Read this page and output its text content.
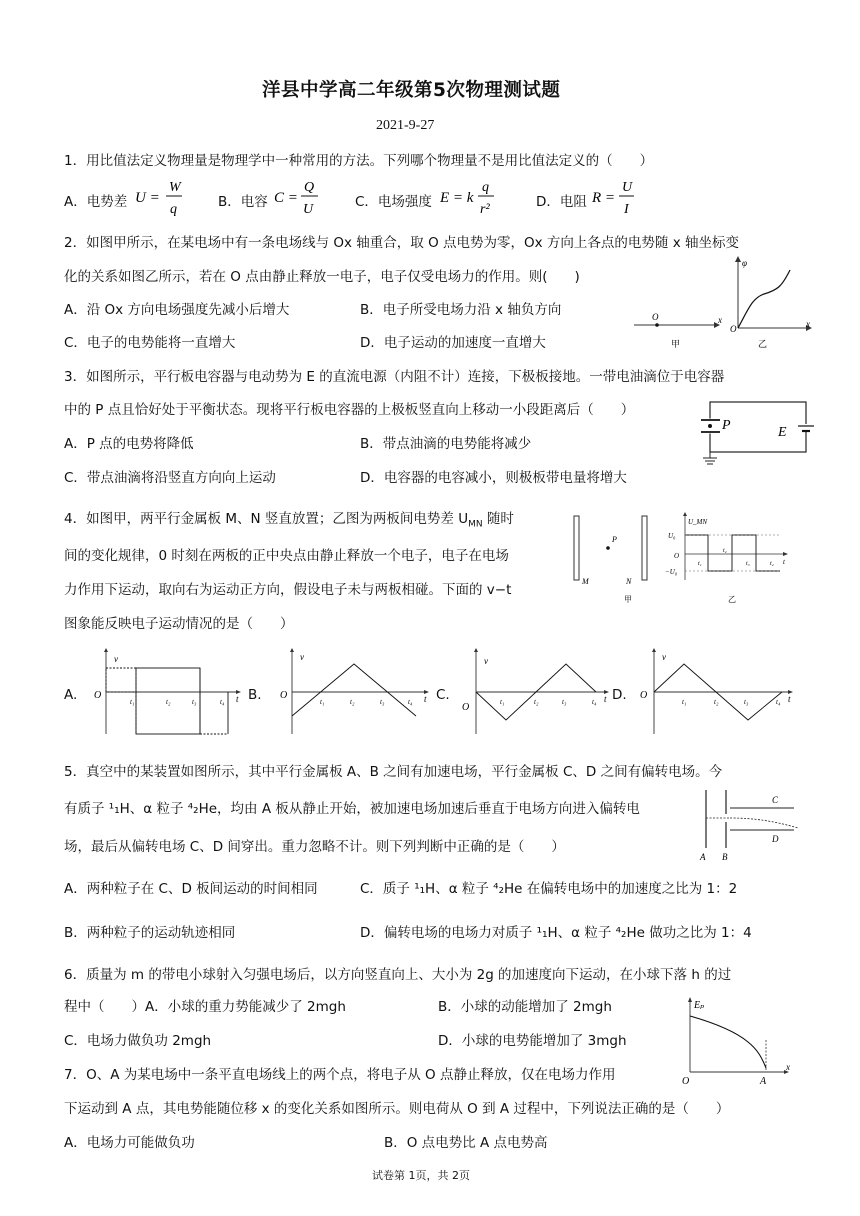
洋县中学高二年级第5次物理测试题
2021-9-27
1．用比值法定义物理量是物理学中一种常用的方法。下列哪个物理量不是用比值法定义的（　　）
A．电势差 U =
W
q	B．电容 C =
Q
U	C．电场强度 E = k
q
r²	D．电阻 R =
U
I
2．如图甲所示，在某电场中有一条电场线与 Ox 轴重合，取 O 点电势为零，Ox 方向上各点的电势随 x 轴坐标变
化的关系如图乙所示，若在 O 点由静止释放一电子，电子仅受电场力的作用。则(　　)
A．沿 Ox 方向电场强度先减小后增大	B．电子所受电场力沿 x 轴负方向
C．电子的电势能将一直增大	D．电子运动的加速度一直增大
O	x
甲
φ
O	x
乙
3．如图所示，平行板电容器与电动势为 E 的直流电源（内阻不计）连接，下极板接地。一带电油滴位于电容器
中的 P 点且恰好处于平衡状态。现将平行板电容器的上极板竖直向上移动一小段距离后（　　）
A．P 点的电势将降低	B．带点油滴的电势能将减少
C．带点油滴将沿竖直方向向上运动	D．电容器的电容减小，则极板带电量将增大
P	E
4．如图甲，两平行金属板 M、N 竖直放置；乙图为两板间电势差 $U_{MN}$ 随时
间的变化规律，0 时刻在两板的正中央点由静止释放一个电子，电子在电场
力作用下运动，取向右为运动正方向，假设电子未与两板相碰。下面的 v−t
图象能反映电子运动情况的是（　　）
P
M	N
甲
U_MN
U₀
−U₀
O
t₁
t₂
t₃	t₄ t
乙
A.
v
O
t₁	t₂	t₃	t₄ t B.
v
O
t₁	t₂	t₃	t₄ t C.
v
O	t₁	t₂	t₃	t₄ t D.
v
O
t₁	t₂	t₃	t₄ t
5．真空中的某装置如图所示，其中平行金属板 A、B 之间有加速电场，平行金属板 C、D 之间有偏转电场。今
有质子 ¹₁H、α 粒子 ⁴₂He，均由 A 板从静止开始，被加速电场加速后垂直于电场方向进入偏转电
场，最后从偏转电场 C、D 间穿出。重力忽略不计。则下列判断中正确的是（　　）
A．两种粒子在 C、D 板间运动的时间相同	C．质子 ¹₁H、α 粒子 ⁴₂He 在偏转电场中的加速度之比为 1：2
B．两种粒子的运动轨迹相同	D．偏转电场的电场力对质子 ¹₁H、α 粒子 ⁴₂He 做功之比为 1：4
C
D
A B
6．质量为 m 的带电小球射入匀强电场后，以方向竖直向上、大小为 2g 的加速度向下运动，在小球下落 h 的过
程中（　　）A．小球的重力势能减少了 2mgh	B．小球的动能增加了 2mgh
C．电场力做负功 2mgh	D．小球的电势能增加了 3mgh
7．O、A 为某电场中一条平直电场线上的两个点，将电子从 O 点静止释放，仅在电场力作用
下运动到 A 点，其电势能随位移 x 的变化关系如图所示。则电荷从 O 到 A 过程中，下列说法正确的是（　　）
A．电场力可能做负功	B．O 点电势比 A 点电势高
Eₚ
O	A
x
试卷第 1页，共 2页
